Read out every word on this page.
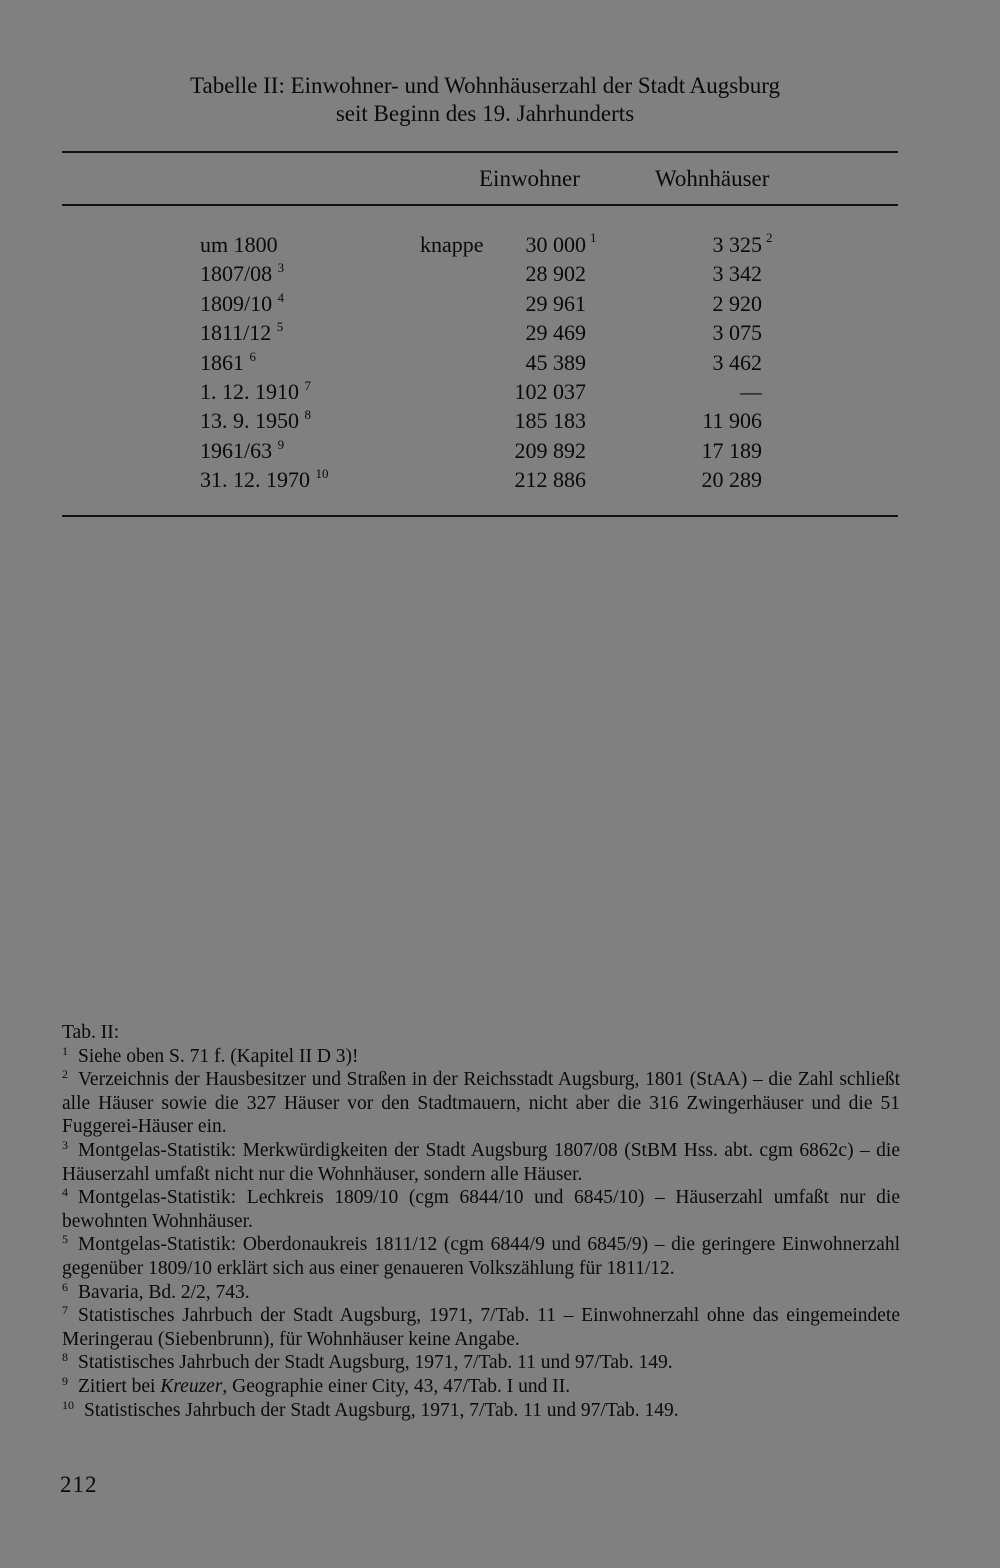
Tabelle II: Einwohner- und Wohnhäuserzahl der Stadt Augsburg
seit Beginn des 19. Jahrhunderts
Einwohner	Wohnhäuser
um 1800	knappe 30 000 1	3 325 2
1807/08 $^3$	28 902	3 342
1809/10 $^4$	29 961	2 920
1811/12 $^5$	29 469	3 075
1861 $^6$	45 389	3 462
1. 12. 1910 $^7$	102 037	—
13. 9. 1950 $^8$	185 183	11 906
1961/63 $^9$	209 892	17 189
31. 12. 1970 $^{10}$	212 886	20 289

Tab. II:

$^1$ Siehe oben S. 71 f. (Kapitel II D 3)!

$^2$ Verzeichnis der Hausbesitzer und Straßen in der Reichsstadt Augsburg, 1801 (StAA) – die Zahl schließt alle Häuser sowie die 327 Häuser vor den Stadtmauern, nicht aber die 316 Zwingerhäuser und die 51 Fuggerei-Häuser ein.

$^3$ Montgelas-Statistik: Merkwürdigkeiten der Stadt Augsburg 1807/08 (StBM Hss. abt. cgm 6862c) – die Häuserzahl umfaßt nicht nur die Wohnhäuser, sondern alle Häuser.

$^4$ Montgelas-Statistik: Lechkreis 1809/10 (cgm 6844/10 und 6845/10) – Häuserzahl umfaßt nur die bewohnten Wohnhäuser.

$^5$ Montgelas-Statistik: Oberdonaukreis 1811/12 (cgm 6844/9 und 6845/9) – die geringere Einwohnerzahl gegenüber 1809/10 erklärt sich aus einer genaueren Volkszählung für 1811/12.

$^6$ Bavaria, Bd. 2/2, 743.

$^7$ Statistisches Jahrbuch der Stadt Augsburg, 1971, 7/Tab. 11 – Einwohnerzahl ohne das eingemeindete Meringerau (Siebenbrunn), für Wohnhäuser keine Angabe.

$^8$ Statistisches Jahrbuch der Stadt Augsburg, 1971, 7/Tab. 11 und 97/Tab. 149.

$^9$ Zitiert bei Kreuzer, Geographie einer City, 43, 47/Tab. I und II.

$^{10}$ Statistisches Jahrbuch der Stadt Augsburg, 1971, 7/Tab. 11 und 97/Tab. 149.

212
